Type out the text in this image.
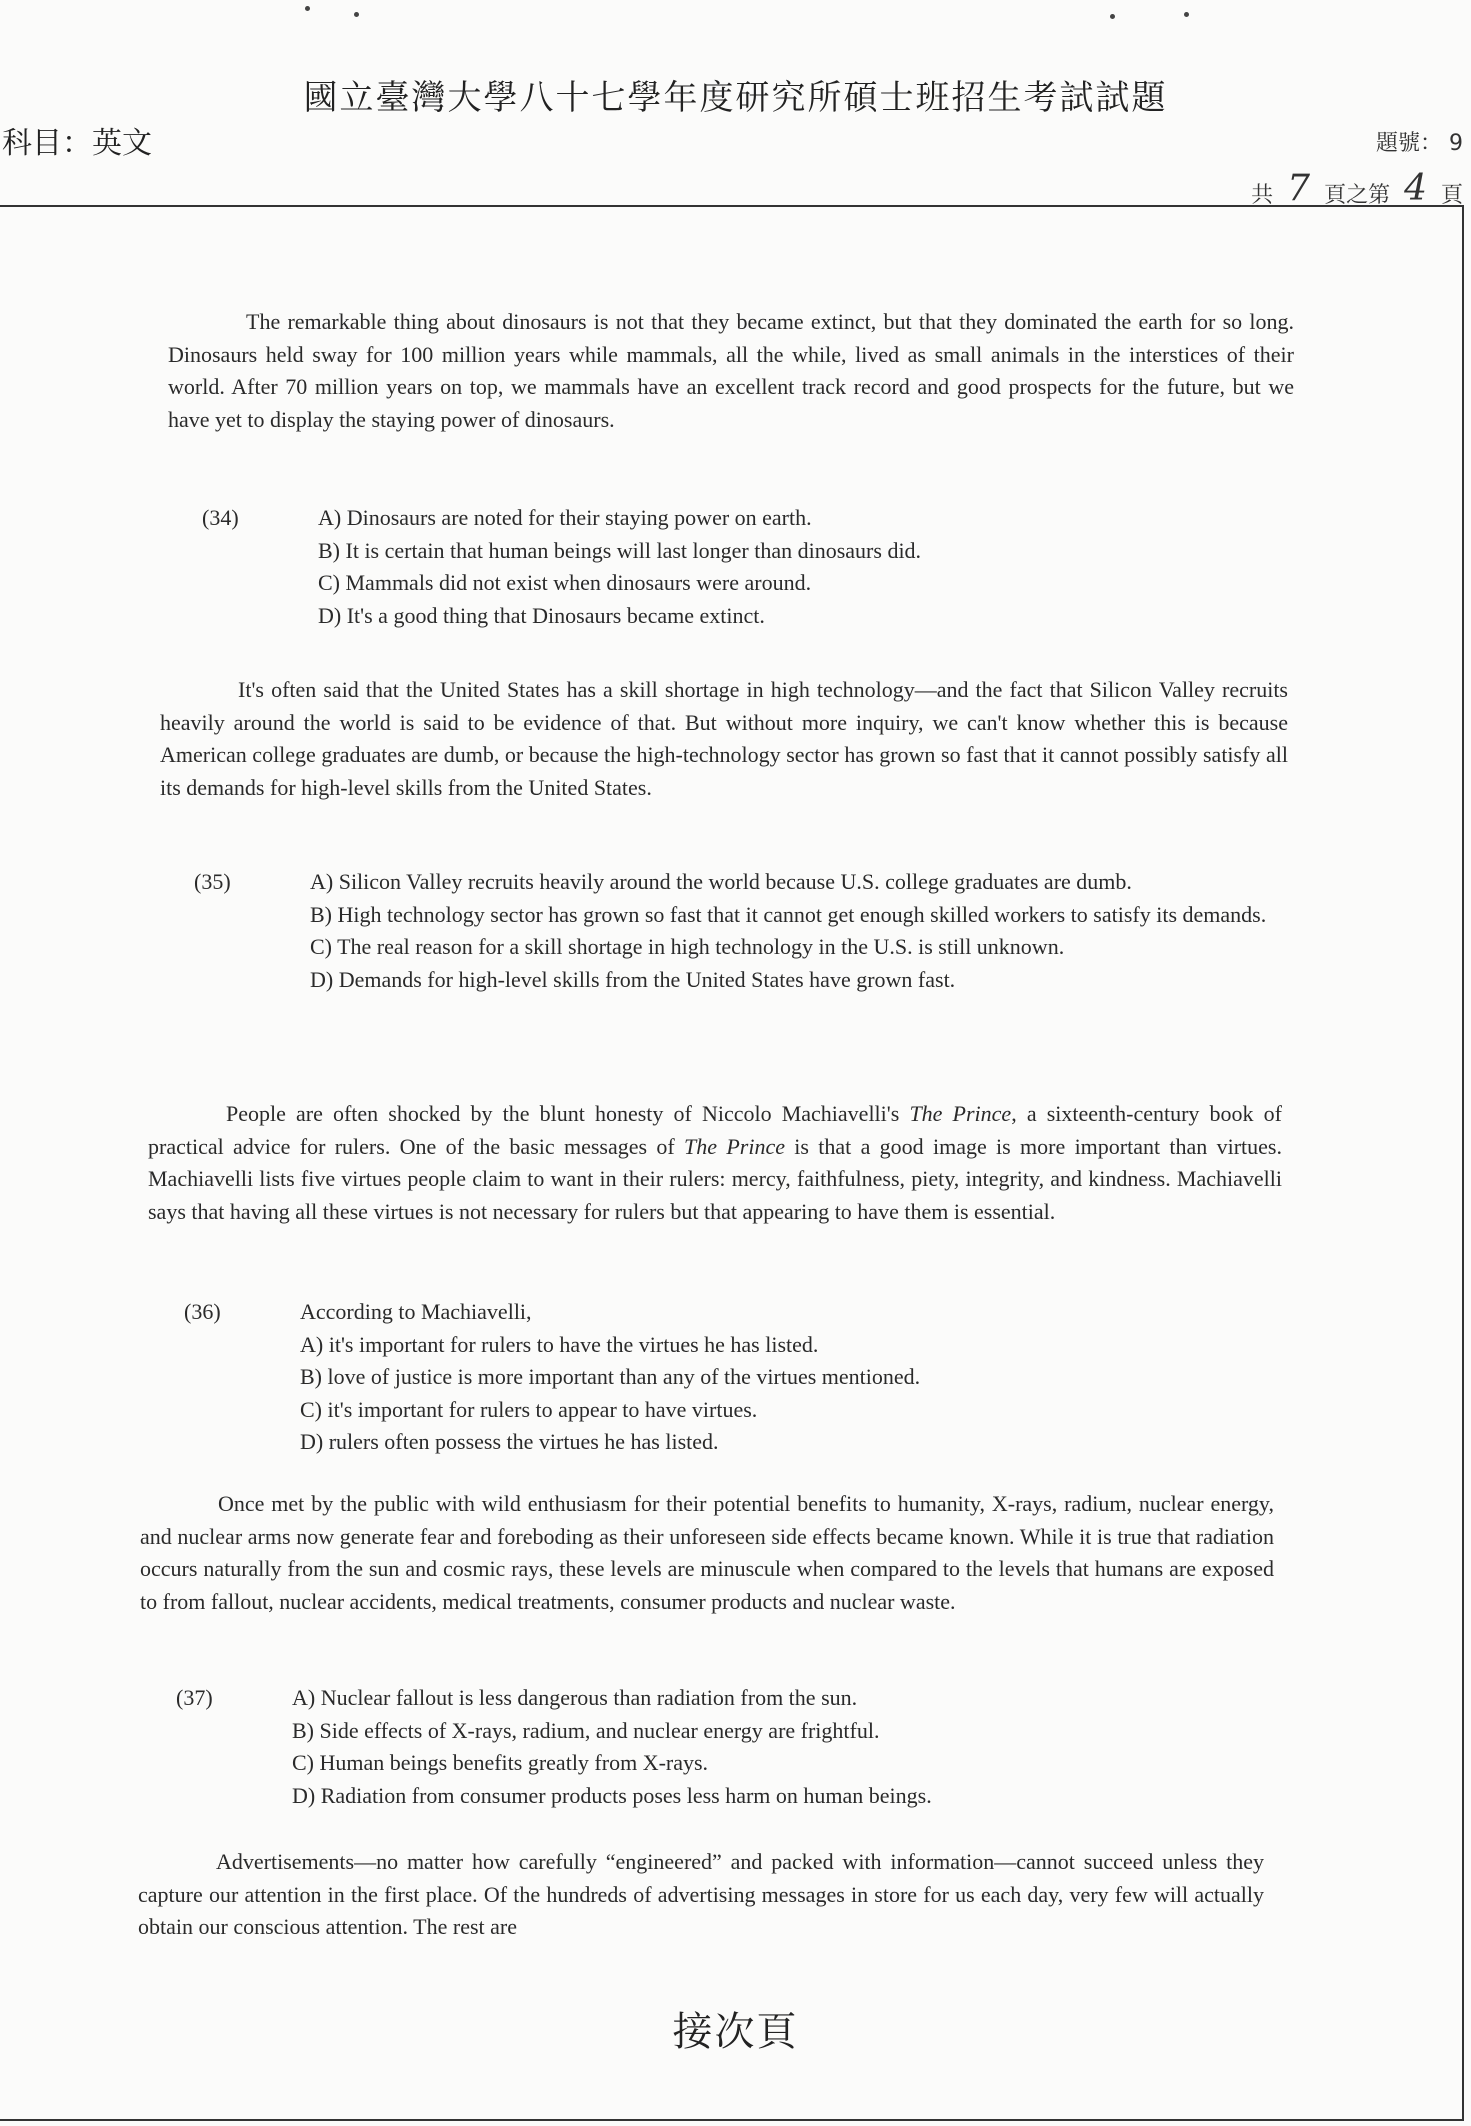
國立臺灣大學八十七學年度研究所碩士班招生考試試題
科目：英文	題號： 9
共 7 頁之第 4 頁
The remarkable thing about dinosaurs is not that they became extinct, but that they dominated the earth for so long. Dinosaurs held sway for 100 million years while mammals, all the while, lived as small animals in the interstices of their world. After 70 million years on top, we mammals have an excellent track record and good prospects for the future, but we have yet to display the staying power of dinosaurs.
(34)	A) Dinosaurs are noted for their staying power on earth.
B) It is certain that human beings will last longer than dinosaurs did.
C) Mammals did not exist when dinosaurs were around.
D) It's a good thing that Dinosaurs became extinct.
It's often said that the United States has a skill shortage in high technology—and the fact that Silicon Valley recruits heavily around the world is said to be evidence of that. But without more inquiry, we can't know whether this is because American college graduates are dumb, or because the high-technology sector has grown so fast that it cannot possibly satisfy all its demands for high-level skills from the United States.
(35)	A) Silicon Valley recruits heavily around the world because U.S. college graduates are dumb.
B) High technology sector has grown so fast that it cannot get enough skilled workers to satisfy its demands.
C) The real reason for a skill shortage in high technology in the U.S. is still unknown.
D) Demands for high-level skills from the United States have grown fast.
People are often shocked by the blunt honesty of Niccolo Machiavelli's The Prince, a sixteenth-century book of practical advice for rulers. One of the basic messages of The Prince is that a good image is more important than virtues. Machiavelli lists five virtues people claim to want in their rulers: mercy, faithfulness, piety, integrity, and kindness. Machiavelli says that having all these virtues is not necessary for rulers but that appearing to have them is essential.
(36)	According to Machiavelli,
A) it's important for rulers to have the virtues he has listed.
B) love of justice is more important than any of the virtues mentioned.
C) it's important for rulers to appear to have virtues.
D) rulers often possess the virtues he has listed.
Once met by the public with wild enthusiasm for their potential benefits to humanity, X-rays, radium, nuclear energy, and nuclear arms now generate fear and foreboding as their unforeseen side effects became known. While it is true that radiation occurs naturally from the sun and cosmic rays, these levels are minuscule when compared to the levels that humans are exposed to from fallout, nuclear accidents, medical treatments, consumer products and nuclear waste.
(37)	A) Nuclear fallout is less dangerous than radiation from the sun.
B) Side effects of X-rays, radium, and nuclear energy are frightful.
C) Human beings benefits greatly from X-rays.
D) Radiation from consumer products poses less harm on human beings.
Advertisements—no matter how carefully “engineered” and packed with information—cannot succeed unless they capture our attention in the first place. Of the hundreds of advertising messages in store for us each day, very few will actually obtain our conscious attention. The rest are
接次頁
